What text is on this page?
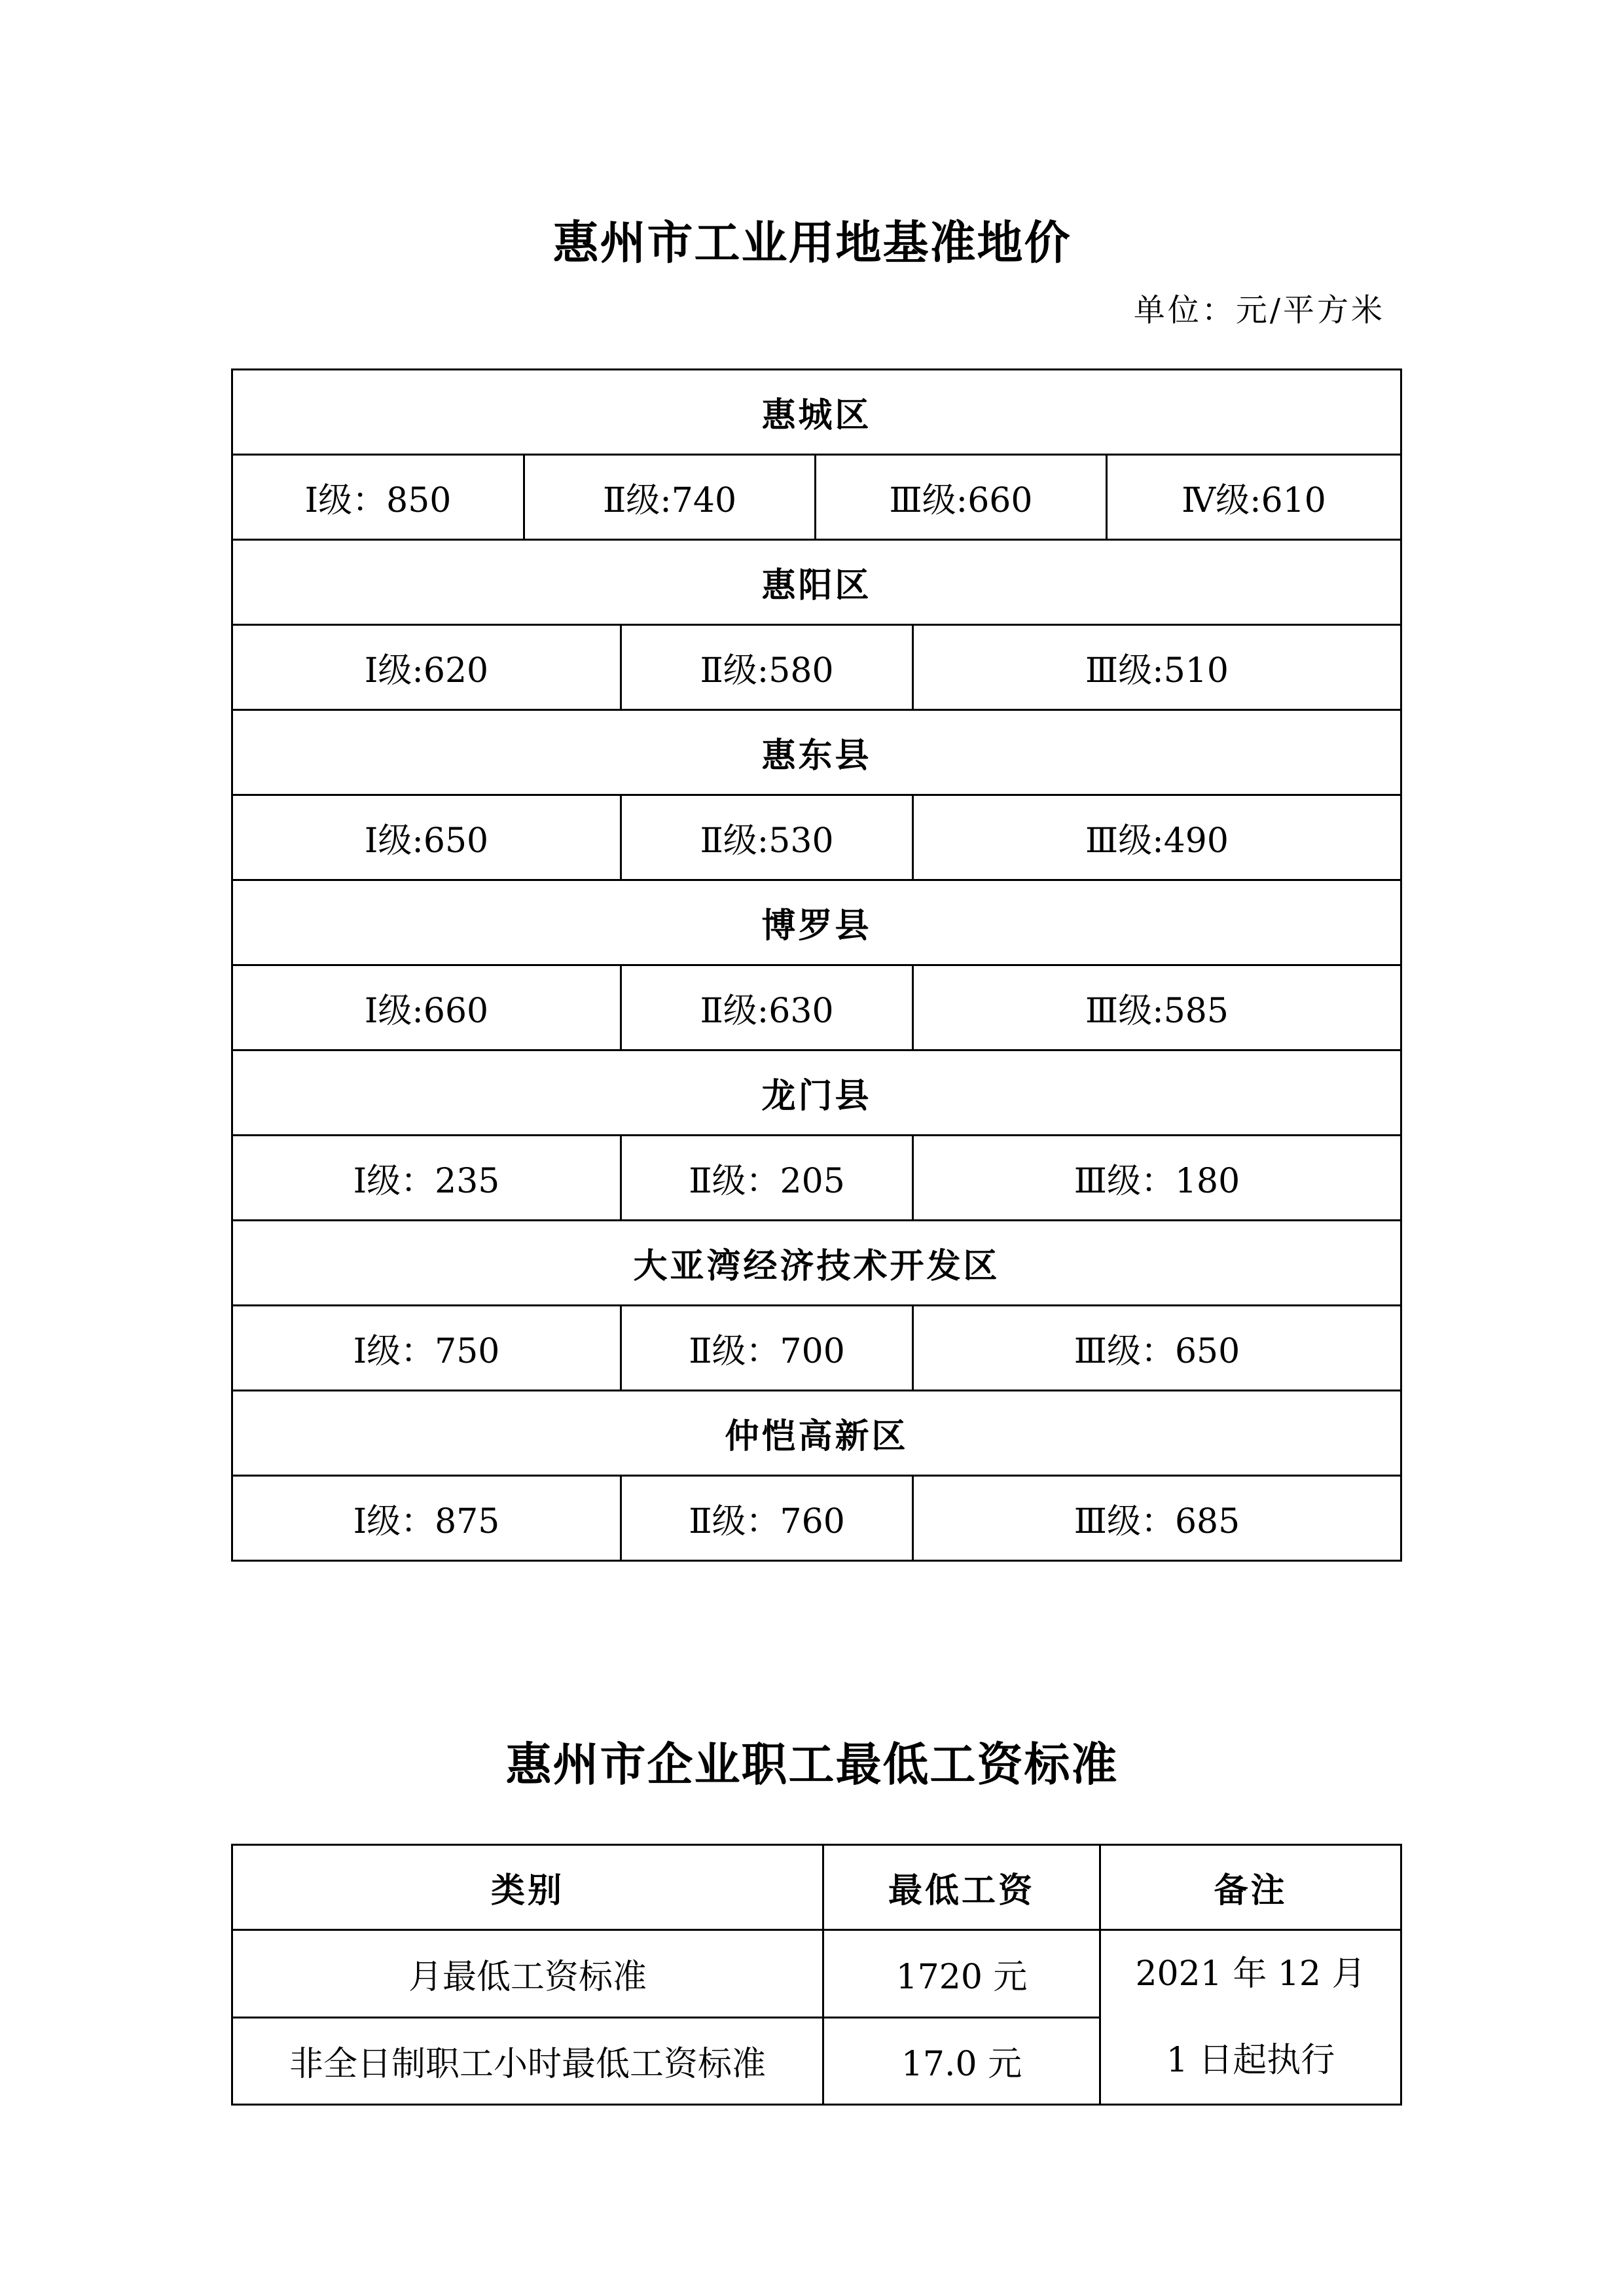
惠州市工业用地基准地价
单位：元/平方米
惠城区					
Ⅰ级：850	Ⅱ级:740		Ⅲ级:660		Ⅳ级:610
惠阳区					
Ⅰ级:620		Ⅱ级:580		Ⅲ级:510	
惠东县					
Ⅰ级:650		Ⅱ级:530		Ⅲ级:490	
博罗县					
Ⅰ级:660		Ⅱ级:630		Ⅲ级:585	
龙门县					
Ⅰ级：235		Ⅱ级：205		Ⅲ级：180	
大亚湾经济技术开发区					
Ⅰ级：750		Ⅱ级：700		Ⅲ级：650	
仲恺高新区					
Ⅰ级：875		Ⅱ级：760		Ⅲ级：685	
惠州市企业职工最低工资标准
类别	最低工资	备注
月最低工资标准	1720 元	2021 年 12 月
1 日起执行

非全日制职工小时最低工资标准	17.0 元	
